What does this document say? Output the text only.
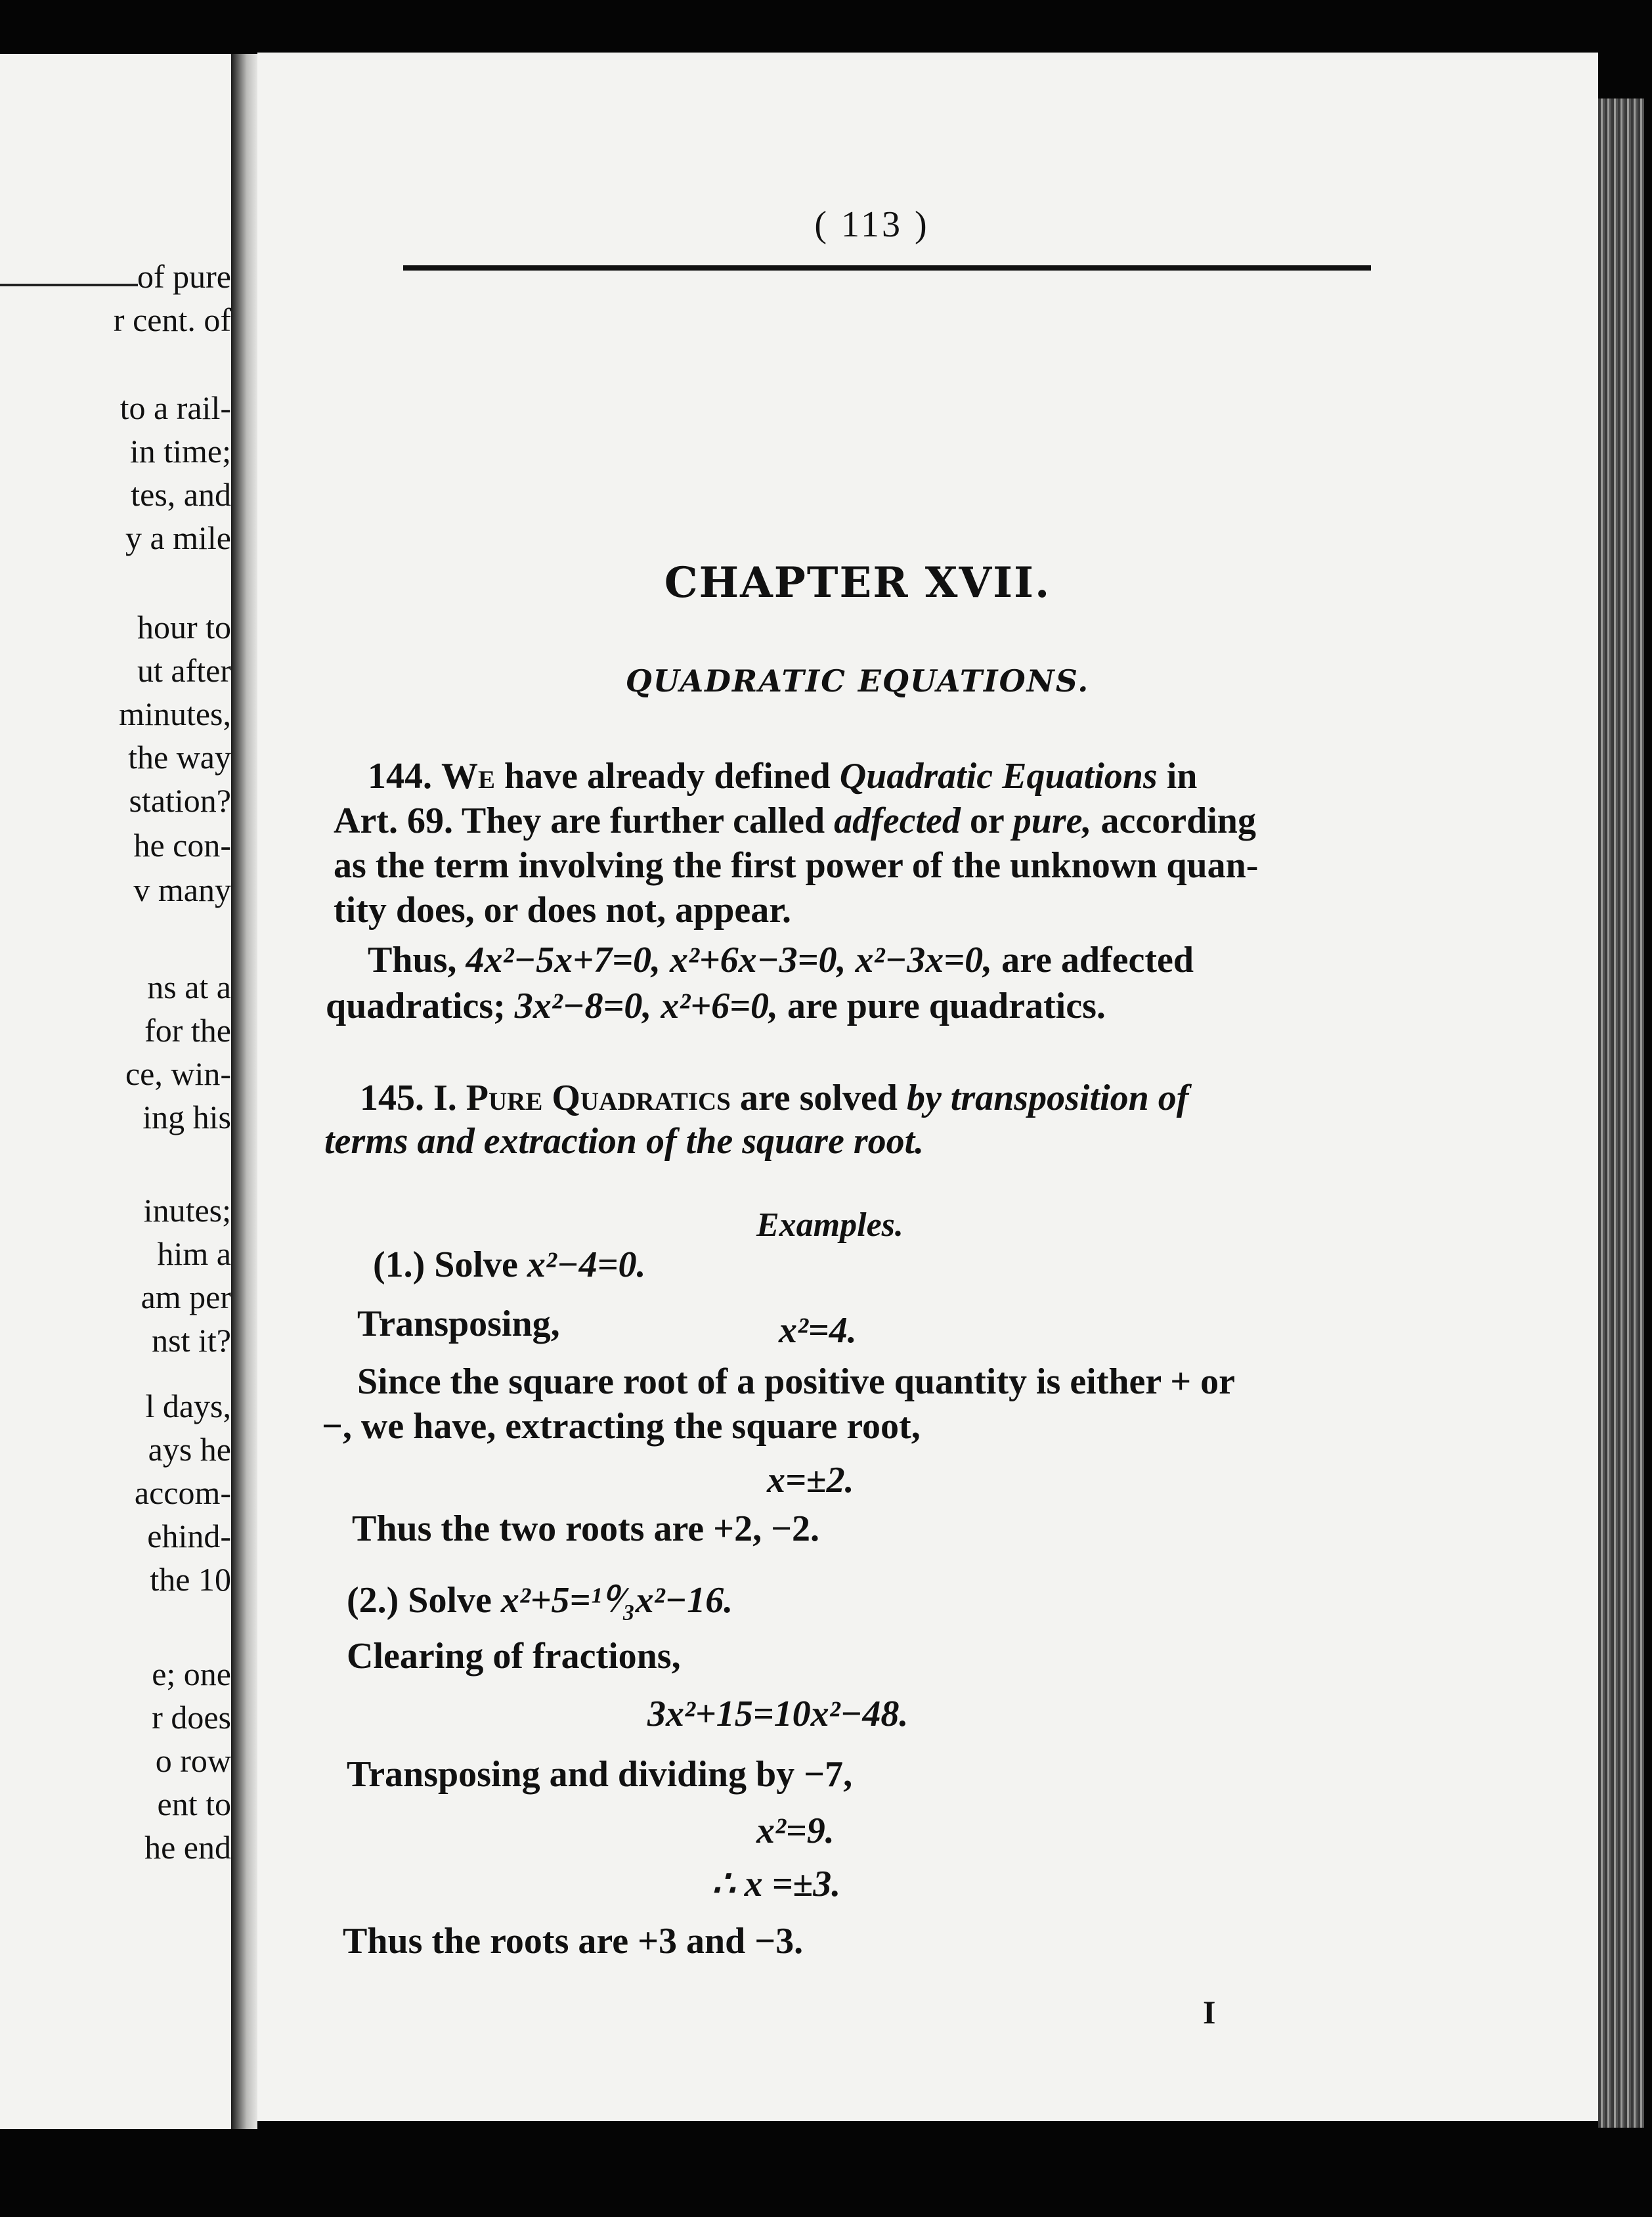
of pure
r cent. of
to a rail-
in time;
tes, and
y a mile
hour to
ut after
minutes,
the way
station?
he con-
v many
ns at a
for the
ce, win-
ing his
inutes;
him a
am per
nst it?
l days,
ays he
accom-
ehind-
the 10
e; one
r does
o row
ent to
he end
( 113 )
CHAPTER XVII.
QUADRATIC EQUATIONS.
144. We have already defined Quadratic Equations in
Art. 69. They are further called adfected or pure, according
as the term involving the first power of the unknown quan-
tity does, or does not, appear.
Thus, 4x²−5x+7=0, x²+6x−3=0, x²−3x=0, are adfected
quadratics; 3x²−8=0, x²+6=0, are pure quadratics.
145. I. Pure Quadratics are solved by transposition of
terms and extraction of the square root.
Examples.
(1.) Solve x²−4=0.
Transposing,	x²=4.
Since the square root of a positive quantity is either + or
−, we have, extracting the square root,
x=±2.
Thus the two roots are +2, −2.
(2.) Solve x²+5=¹⁰⁄₃x²−16.
Clearing of fractions,
3x²+15=10x²−48.
Transposing and dividing by −7,
x²=9.
∴ x =±3.
Thus the roots are +3 and −3.
I
